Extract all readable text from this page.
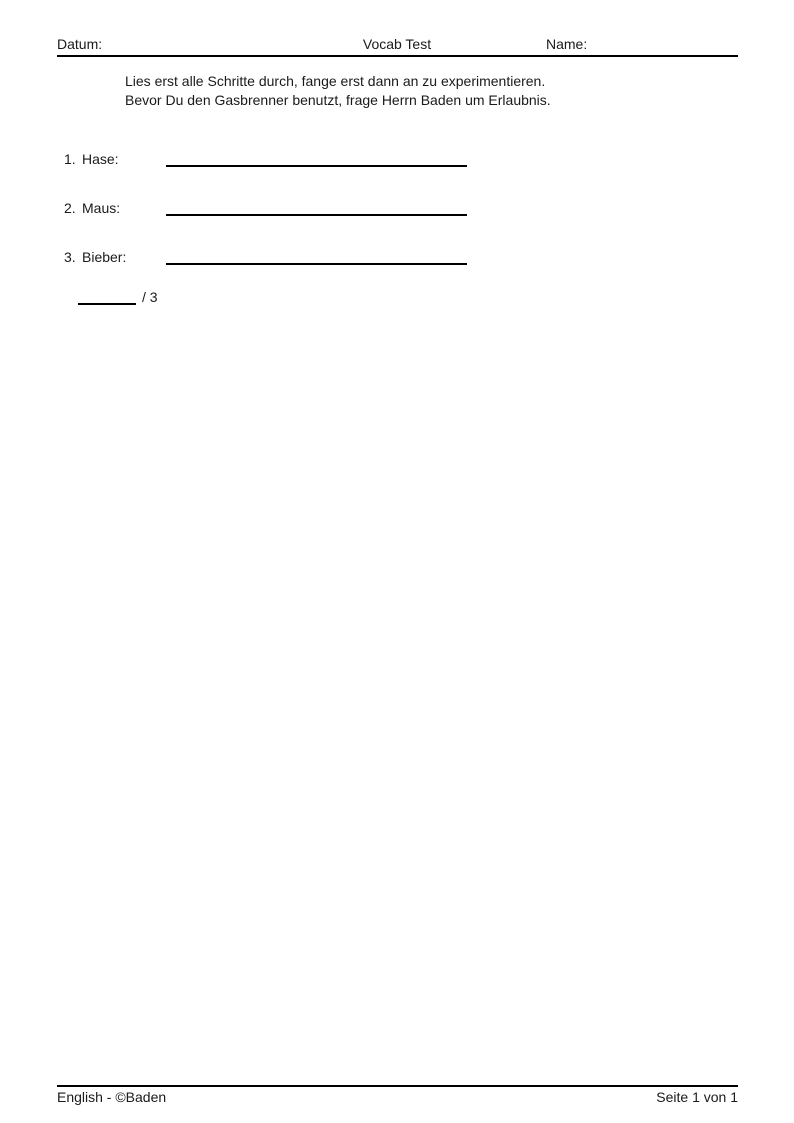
Datum:	Vocab Test	Name:
Lies erst alle Schritte durch, fange erst dann an zu experimentieren.
Bevor Du den Gasbrenner benutzt, frage Herrn Baden um Erlaubnis.
1. Hase:
2. Maus:
3. Bieber:
/ 3
English - ©Baden	Seite 1 von 1
